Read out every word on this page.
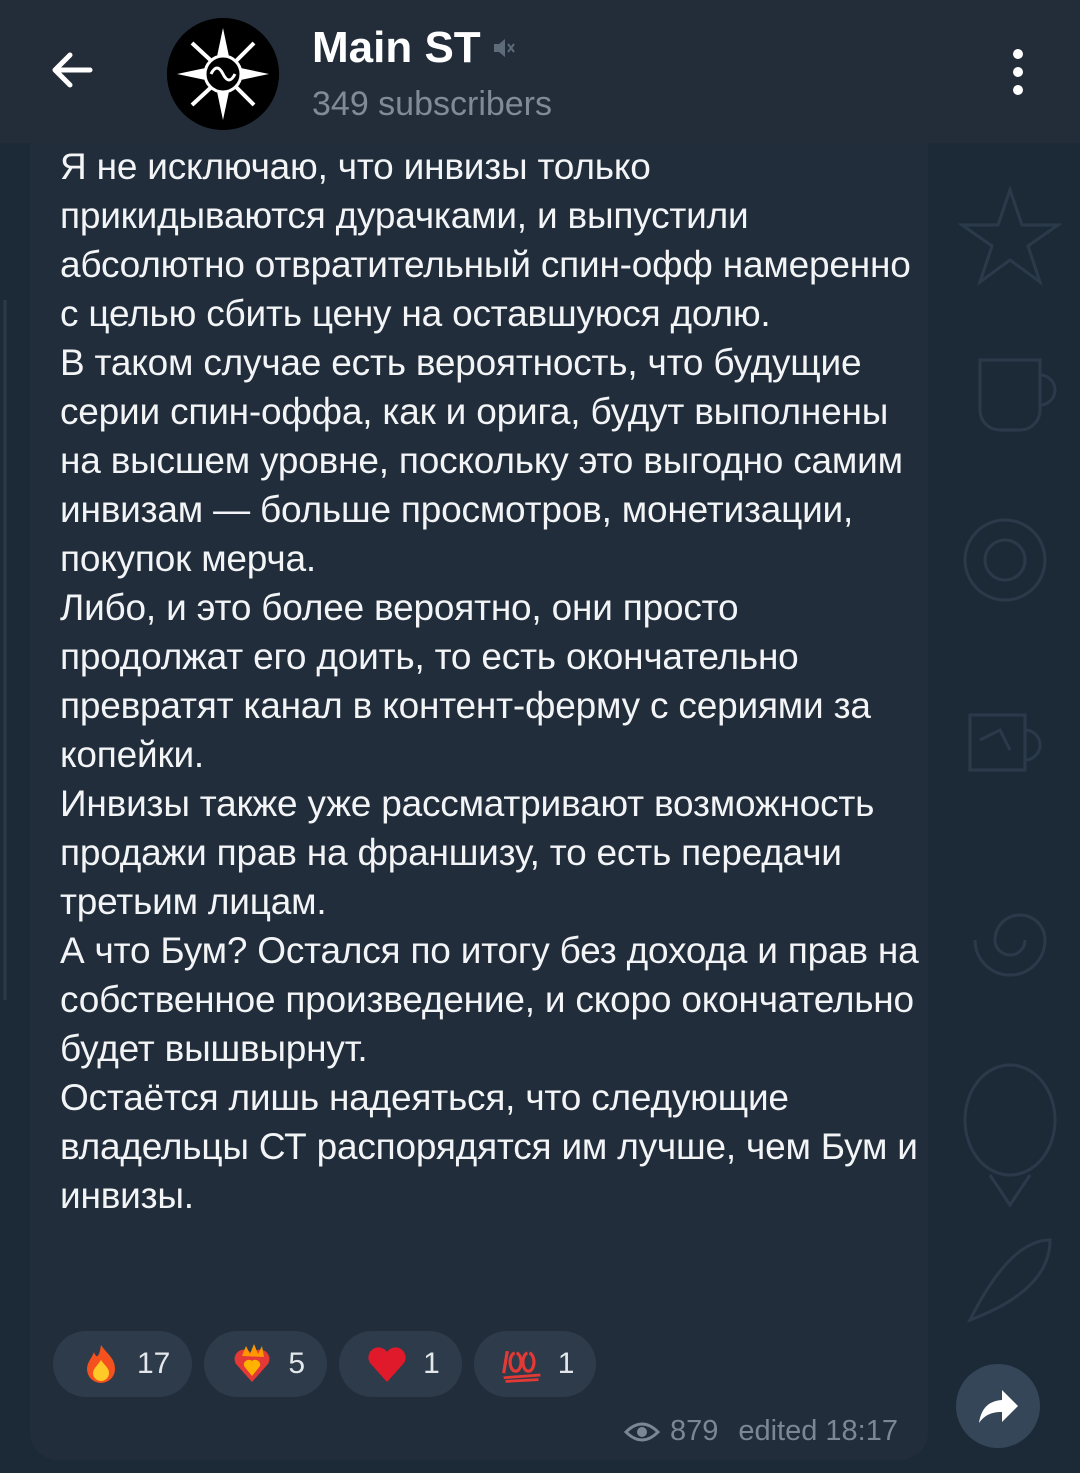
Main ST
349 subscribers
Я не исключаю, что инвизы только прикидываются дурачками, и выпустили абсолютно отвратительный спин-офф намеренно с целью сбить цену на оставшуюся долю.
В таком случае есть вероятность, что будущие серии спин-оффа, как и орига, будут выполнены на высшем уровне, поскольку это выгодно самим инвизам — больше просмотров, монетизации, покупок мерча.
Либо, и это более вероятно, они просто продолжат его доить, то есть окончательно превратят канал в контент-ферму с сериями за копейки.
Инвизы также уже рассматривают возможность продажи прав на франшизу, то есть передачи третьим лицам.
А что Бум? Остался по итогу без дохода и прав на собственное произведение, и скоро окончательно будет вышвырнут.
Остаётся лишь надеяться, что следующие владельцы СТ распорядятся им лучше, чем Бум и инвизы.
17	5	1	1
879 edited 18:17
